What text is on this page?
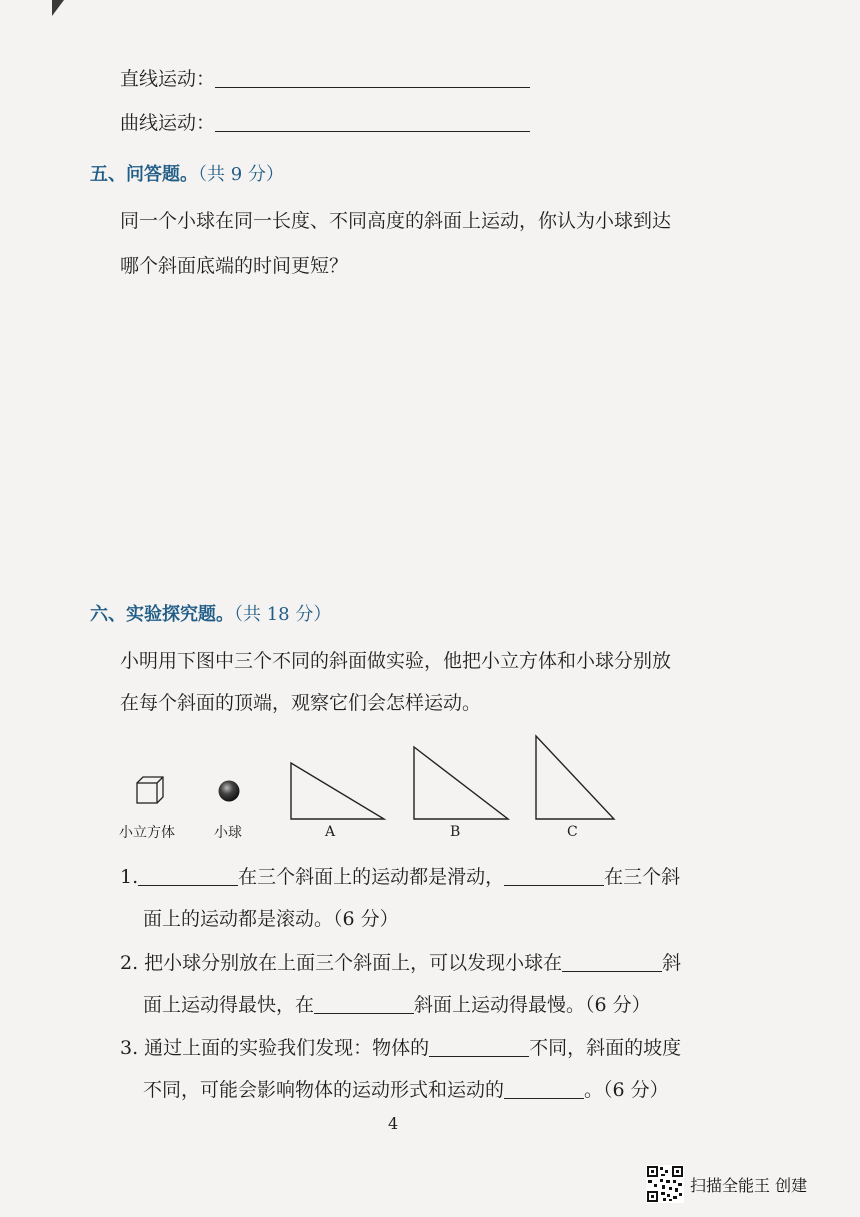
直线运动：
曲线运动：
五、问答题。（共 9 分）
同一个小球在同一长度、不同高度的斜面上运动，你认为小球到达
哪个斜面底端的时间更短？
六、实验探究题。（共 18 分）
小明用下图中三个不同的斜面做实验，他把小立方体和小球分别放
在每个斜面的顶端，观察它们会怎样运动。
小立方体	小球	A	B	C
1.	在三个斜面上的运动都是滑动，	在三个斜
面上的运动都是滚动。（6 分）
2. 把小球分别放在上面三个斜面上，可以发现小球在	斜
面上运动得最快，在	斜面上运动得最慢。（6 分）
3. 通过上面的实验我们发现：物体的	不同，斜面的坡度
不同，可能会影响物体的运动形式和运动的	。（6 分）
4
扫描全能王 创建
